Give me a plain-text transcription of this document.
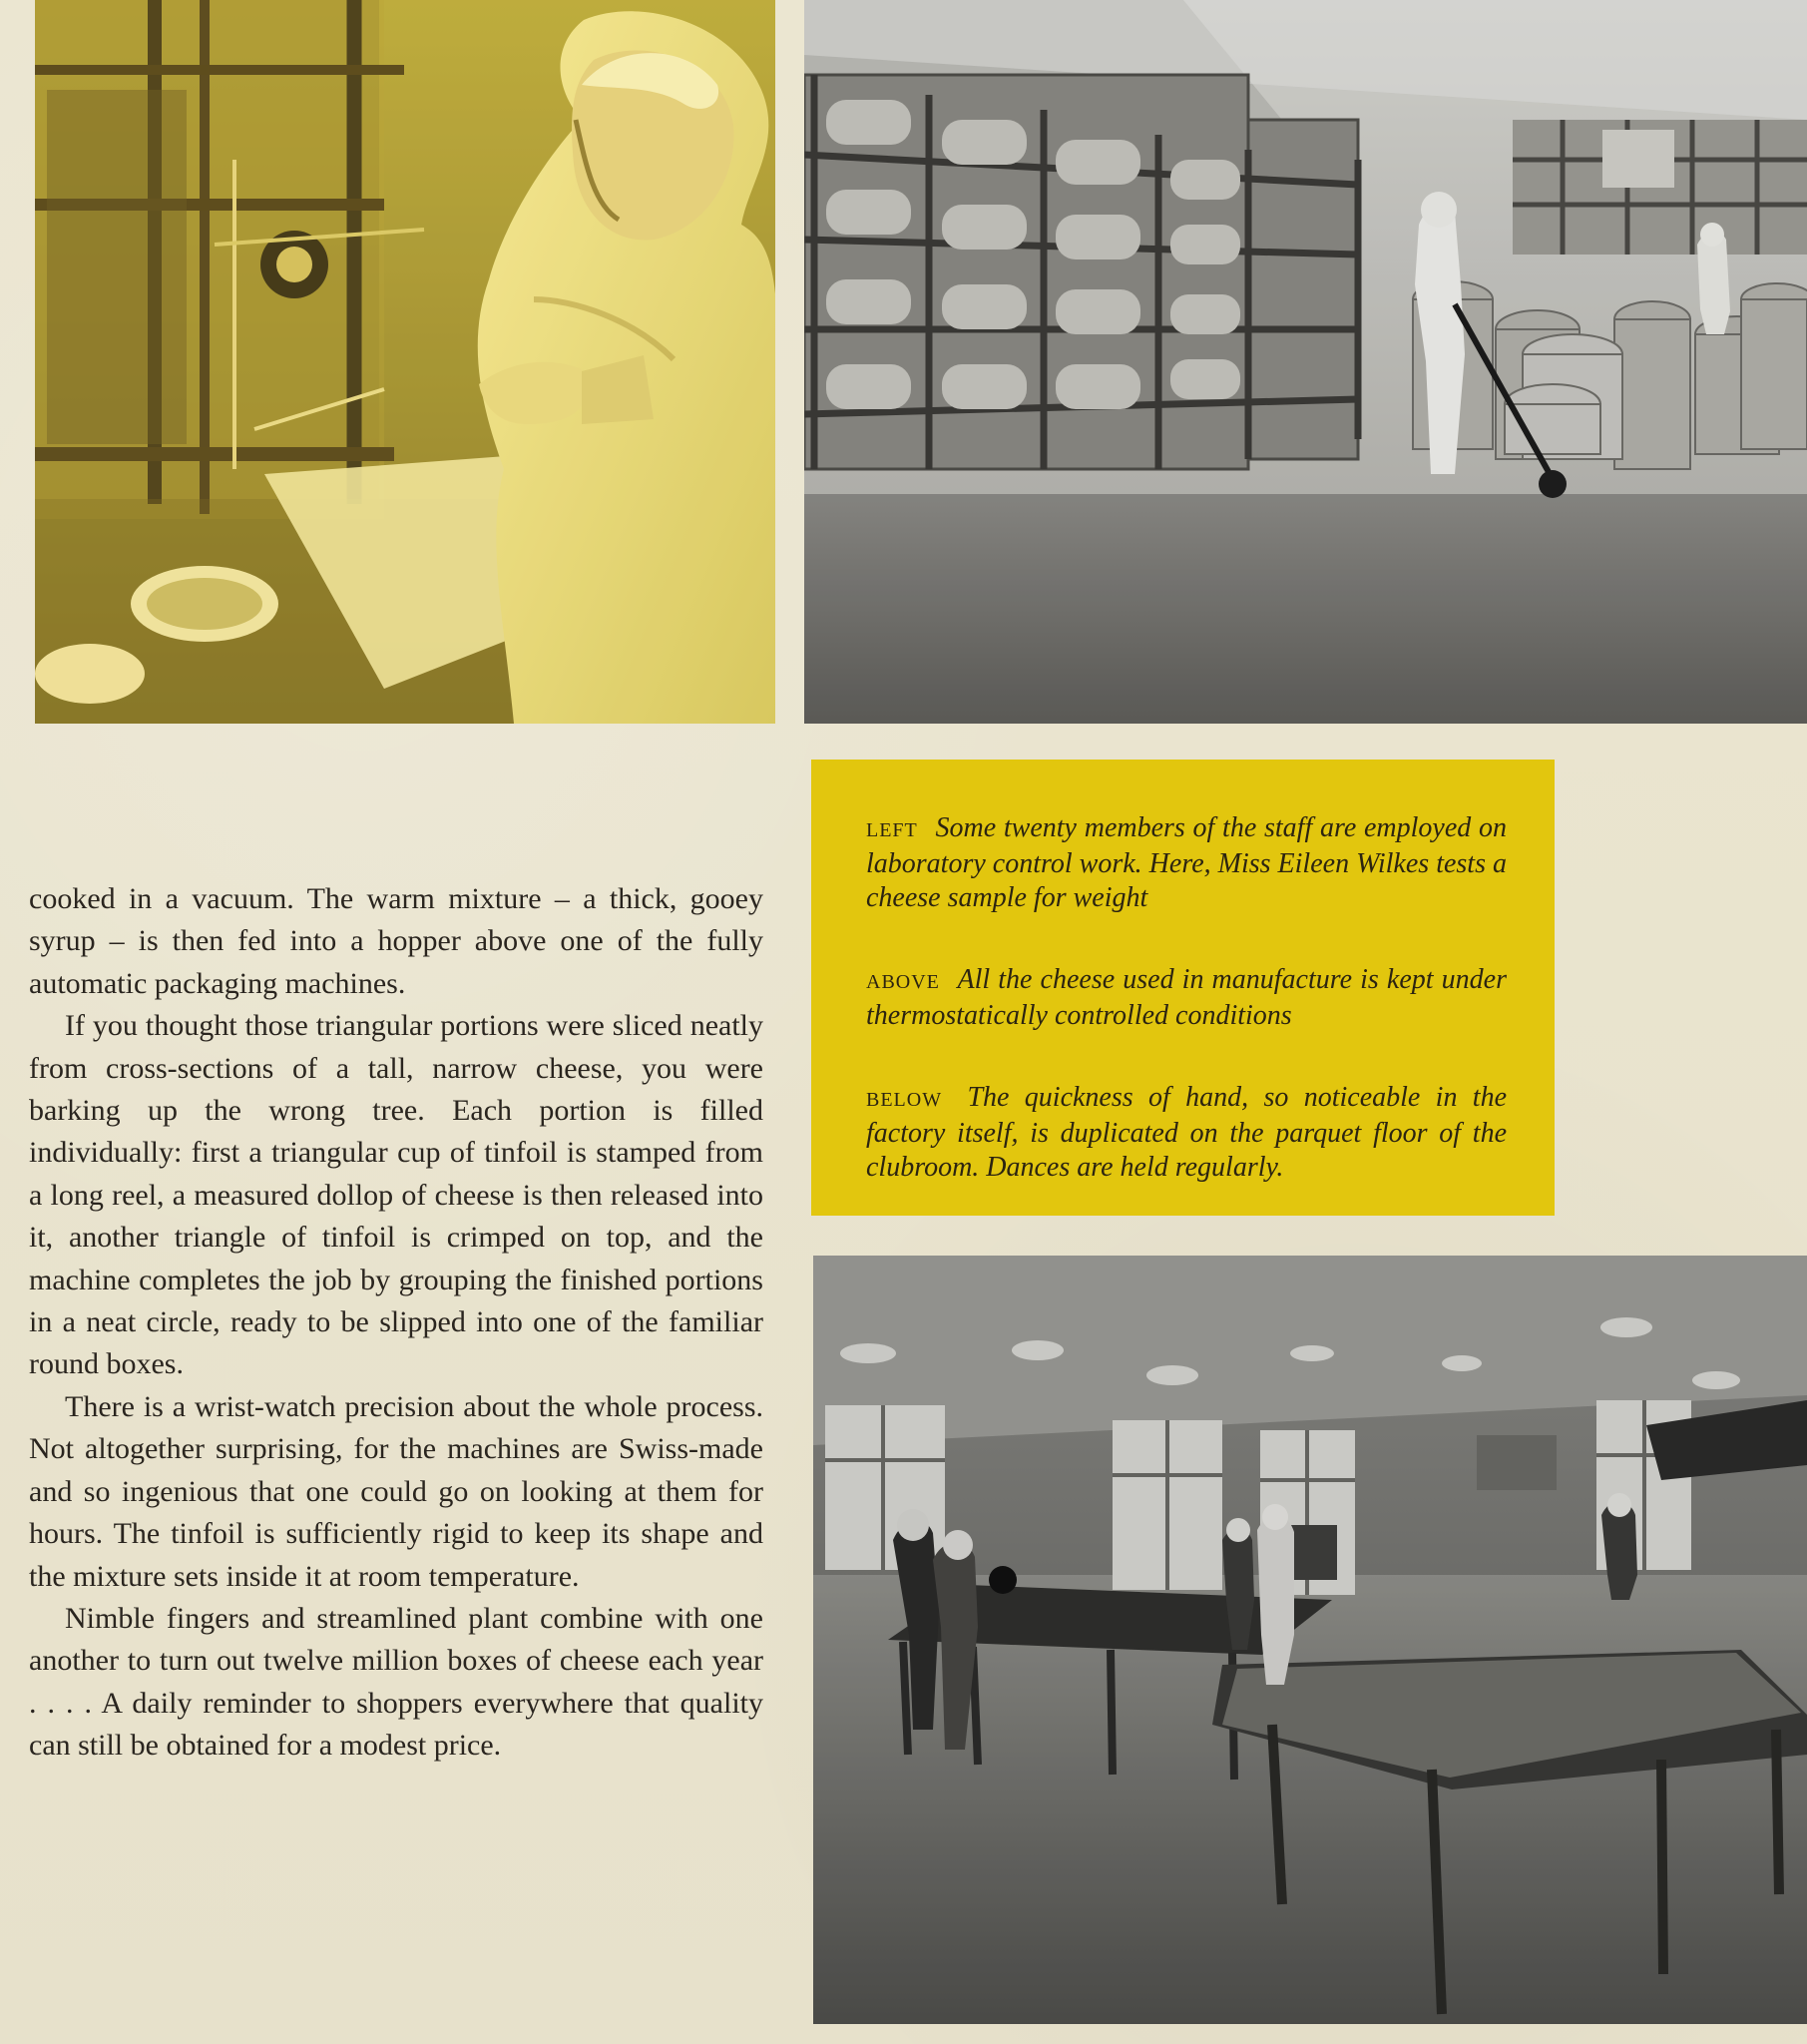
LEFT Some twenty members of the staff are employed on laboratory control work. Here, Miss Eileen Wilkes tests a cheese sample for weight

ABOVE All the cheese used in manufacture is kept under thermostatically controlled conditions

BELOW The quickness of hand, so noticeable in the factory itself, is duplicated on the parquet floor of the clubroom. Dances are held regularly.

cooked in a vacuum. The warm mixture – a thick, gooey syrup – is then fed into a hopper above one of the fully automatic packaging machines.

If you thought those triangular portions were sliced neatly from cross-sections of a tall, narrow cheese, you were barking up the wrong tree. Each portion is filled individually: first a triangular cup of tinfoil is stamped from a long reel, a measured dollop of cheese is then released into it, another triangle of tinfoil is crimped on top, and the machine completes the job by grouping the finished portions in a neat circle, ready to be slipped into one of the familiar round boxes.

There is a wrist-watch precision about the whole process. Not altogether surprising, for the machines are Swiss-made and so ingenious that one could go on looking at them for hours. The tinfoil is sufficiently rigid to keep its shape and the mixture sets inside it at room temperature.

Nimble fingers and streamlined plant combine with one another to turn out twelve million boxes of cheese each year . . . . A daily reminder to shoppers everywhere that quality can still be obtained for a modest price.
